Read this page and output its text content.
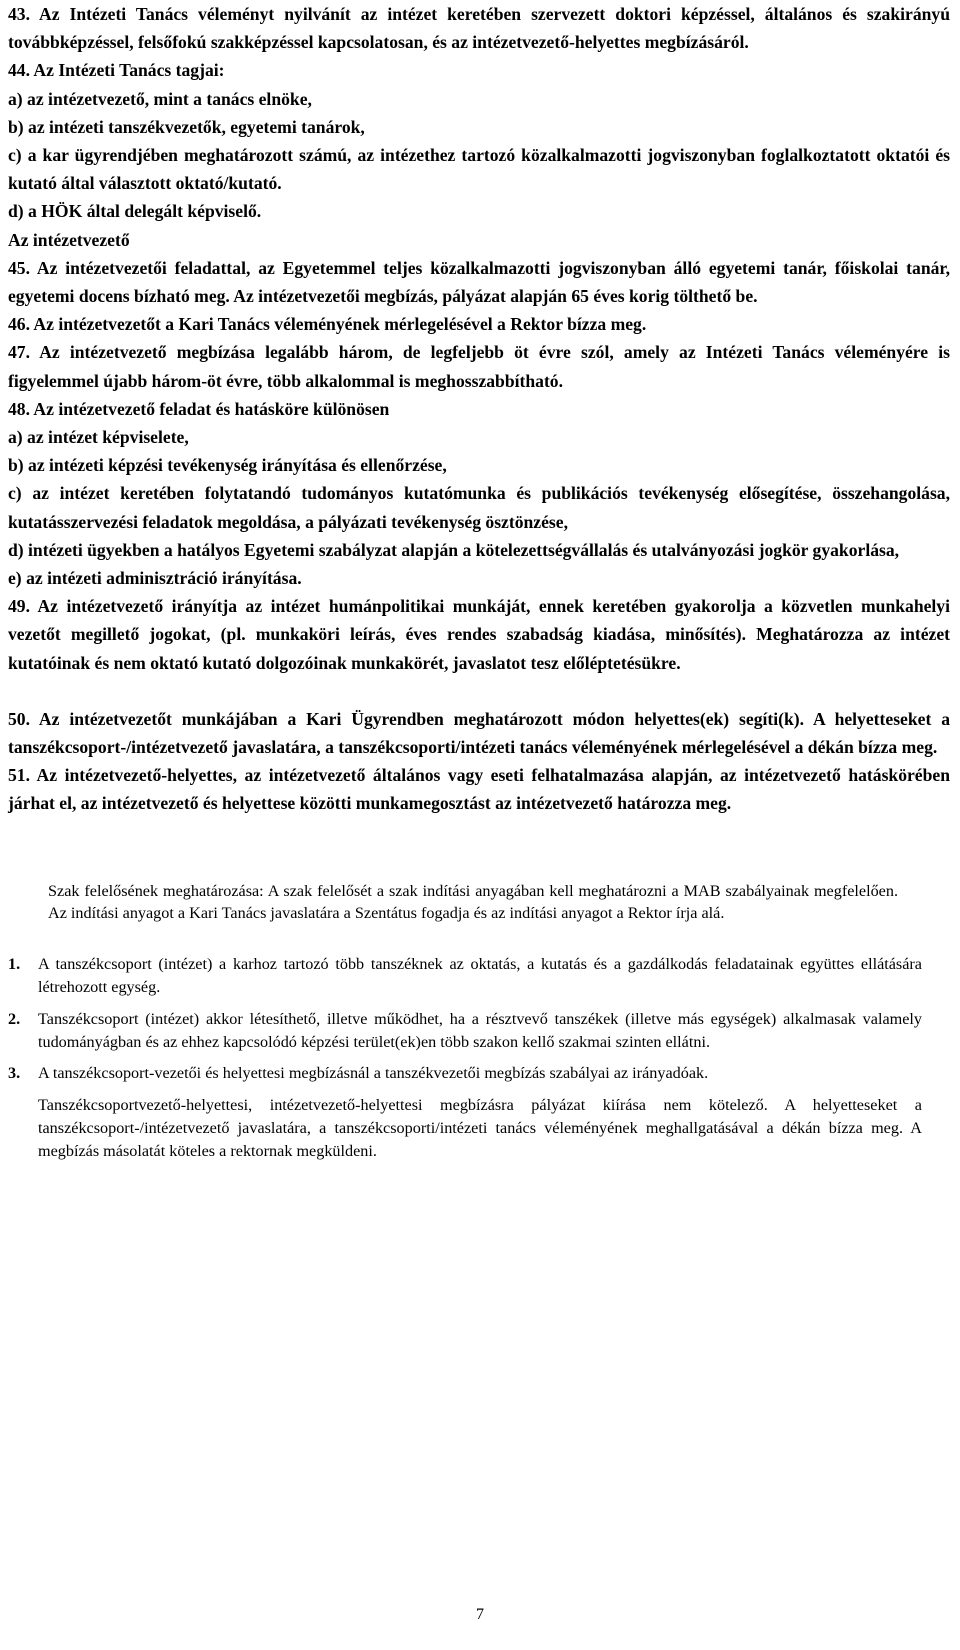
43. Az Intézeti Tanács véleményt nyilvánít az intézet keretében szervezett doktori képzéssel, általános és szakirányú továbbképzéssel, felsőfokú szakképzéssel kapcsolatosan, és az intézetvezető-helyettes megbízásáról.

44. Az Intézeti Tanács tagjai:

a) az intézetvezető, mint a tanács elnöke,

b) az intézeti tanszékvezetők, egyetemi tanárok,

c) a kar ügyrendjében meghatározott számú, az intézethez tartozó közalkalmazotti jogviszonyban foglalkoztatott oktatói és kutató által választott oktató/kutató.

d) a HÖK által delegált képviselő.

Az intézetvezető

45. Az intézetvezetői feladattal, az Egyetemmel teljes közalkalmazotti jogviszonyban álló egyetemi tanár, főiskolai tanár, egyetemi docens bízható meg. Az intézetvezetői megbízás, pályázat alapján 65 éves korig tölthető be.

46. Az intézetvezetőt a Kari Tanács véleményének mérlegelésével a Rektor bízza meg.

47. Az intézetvezető megbízása legalább három, de legfeljebb öt évre szól, amely az Intézeti Tanács véleményére is figyelemmel újabb három-öt évre, több alkalommal is meghosszabbítható.

48. Az intézetvezető feladat és hatásköre különösen

a) az intézet képviselete,

b) az intézeti képzési tevékenység irányítása és ellenőrzése,

c) az intézet keretében folytatandó tudományos kutatómunka és publikációs tevékenység elősegítése, összehangolása, kutatásszervezési feladatok megoldása, a pályázati tevékenység ösztönzése,

d) intézeti ügyekben a hatályos Egyetemi szabályzat alapján a kötelezettségvállalás és utalványozási jogkör gyakorlása,

e) az intézeti adminisztráció irányítása.

49. Az intézetvezető irányítja az intézet humánpolitikai munkáját, ennek keretében gyakorolja a közvetlen munkahelyi vezetőt megillető jogokat, (pl. munkaköri leírás, éves rendes szabadság kiadása, minősítés). Meghatározza az intézet kutatóinak és nem oktató kutató dolgozóinak munkakörét, javaslatot tesz előléptetésükre.

50. Az intézetvezetőt munkájában a Kari Ügyrendben meghatározott módon helyettes(ek) segíti(k). A helyetteseket a tanszékcsoport-/intézetvezető javaslatára, a tanszékcsoporti/intézeti tanács véleményének mérlegelésével a dékán bízza meg.

51. Az intézetvezető-helyettes, az intézetvezető általános vagy eseti felhatalmazása alapján, az intézetvezető hatáskörében járhat el, az intézetvezető és helyettese közötti munkamegosztást az intézetvezető határozza meg.

Szak felelősének meghatározása: A szak felelősét a szak indítási anyagában kell meghatározni a MAB szabályainak megfelelően. Az indítási anyagot a Kari Tanács javaslatára a Szentátus fogadja és az indítási anyagot a Rektor írja alá.

1.	A tanszékcsoport (intézet) a karhoz tartozó több tanszéknek az oktatás, a kutatás és a gazdálkodás feladatainak együttes ellátására létrehozott egység.

2.	Tanszékcsoport (intézet) akkor létesíthető, illetve működhet, ha a résztvevő tanszékek (illetve más egységek) alkalmasak valamely tudományágban és az ehhez kapcsolódó képzési terület(ek)en több szakon kellő szakmai szinten ellátni.

3.	A tanszékcsoport-vezetői és helyettesi megbízásnál a tanszékvezetői megbízás szabályai az irányadóak.

Tanszékcsoportvezető-helyettesi, intézetvezető-helyettesi megbízásra pályázat kiírása nem kötelező. A helyetteseket a tanszékcsoport-/intézetvezető javaslatára, a tanszékcsoporti/intézeti tanács véleményének meghallgatásával a dékán bízza meg. A megbízás másolatát köteles a rektornak megküldeni.

7
